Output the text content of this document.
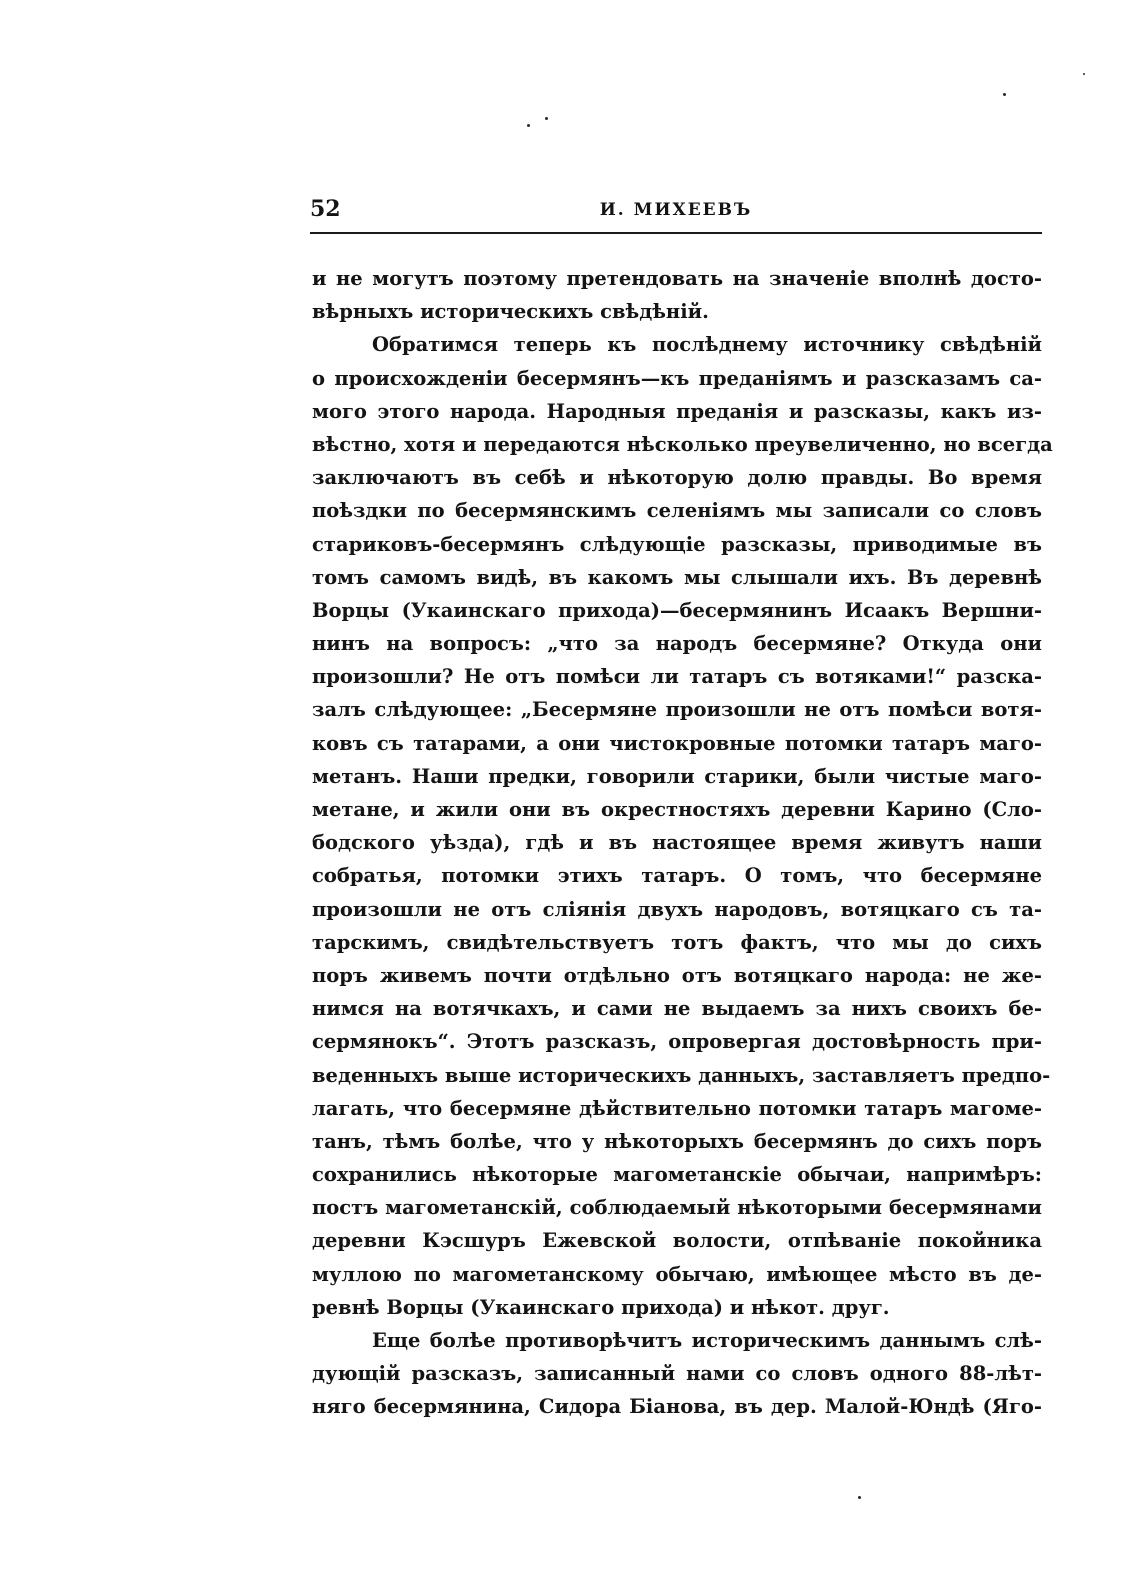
52	И. МИХЕЕВЪ
и не могутъ поэтому претендовать на значеніе вполнѣ досто-
вѣрныхъ историческихъ свѣдѣній.
Обратимся теперь къ послѣднему источнику свѣдѣній
о происхожденіи бесермянъ—къ преданіямъ и разсказамъ са-
мого этого народа. Народныя преданія и разсказы, какъ из-
вѣстно, хотя и передаются нѣсколько преувеличенно, но всегда
заключаютъ въ себѣ и нѣкоторую долю правды. Во время
поѣздки по бесермянскимъ селеніямъ мы записали со словъ
стариковъ-бесермянъ слѣдующіе разсказы, приводимые въ
томъ самомъ видѣ, въ какомъ мы слышали ихъ. Въ деревнѣ
Ворцы (Укаинскаго прихода)—бесермянинъ Исаакъ Вершни-
нинъ на вопросъ: „что за народъ бесермяне? Откуда они
произошли? Не отъ помѣси ли татаръ съ вотяками!“ разска-
залъ слѣдующее: „Бесермяне произошли не отъ помѣси вотя-
ковъ съ татарами, а они чистокровные потомки татаръ маго-
метанъ. Наши предки, говорили старики, были чистые маго-
метане, и жили они въ окрестностяхъ деревни Карино (Сло-
бодского уѣзда), гдѣ и въ настоящее время живутъ наши
собратья, потомки этихъ татаръ. О томъ, что бесермяне
произошли не отъ слiянія двухъ народовъ, вотяцкаго съ та-
тарскимъ, свидѣтельствуетъ тотъ фактъ, что мы до сихъ
поръ живемъ почти отдѣльно отъ вотяцкаго народа: не же-
нимся на вотячкахъ, и сами не выдаемъ за нихъ своихъ бе-
сермянокъ“. Этотъ разсказъ, опровергая достовѣрность при-
веденныхъ выше историческихъ данныхъ, заставляетъ предпо-
лагать, что бесермяне дѣйствительно потомки татаръ магоме-
танъ, тѣмъ болѣе, что у нѣкоторыхъ бесермянъ до сихъ поръ
сохранились нѣкоторые магометанскіе обычаи, напримѣръ:
постъ магометанскій, соблюдаемый нѣкоторыми бесермянами
деревни Кэсшуръ Ежевской волости, отпѣваніе покойника
муллою по магометанскому обычаю, имѣющее мѣсто въ де-
ревнѣ Ворцы (Укаинскаго прихода) и нѣкот. друг.
Еще болѣе противорѣчитъ историческимъ даннымъ слѣ-
дующій разсказъ, записанный нами со словъ одного 88-лѣт-
няго бесермянина, Сидора Біанова, въ дер. Малой-Юндѣ (Яго-
